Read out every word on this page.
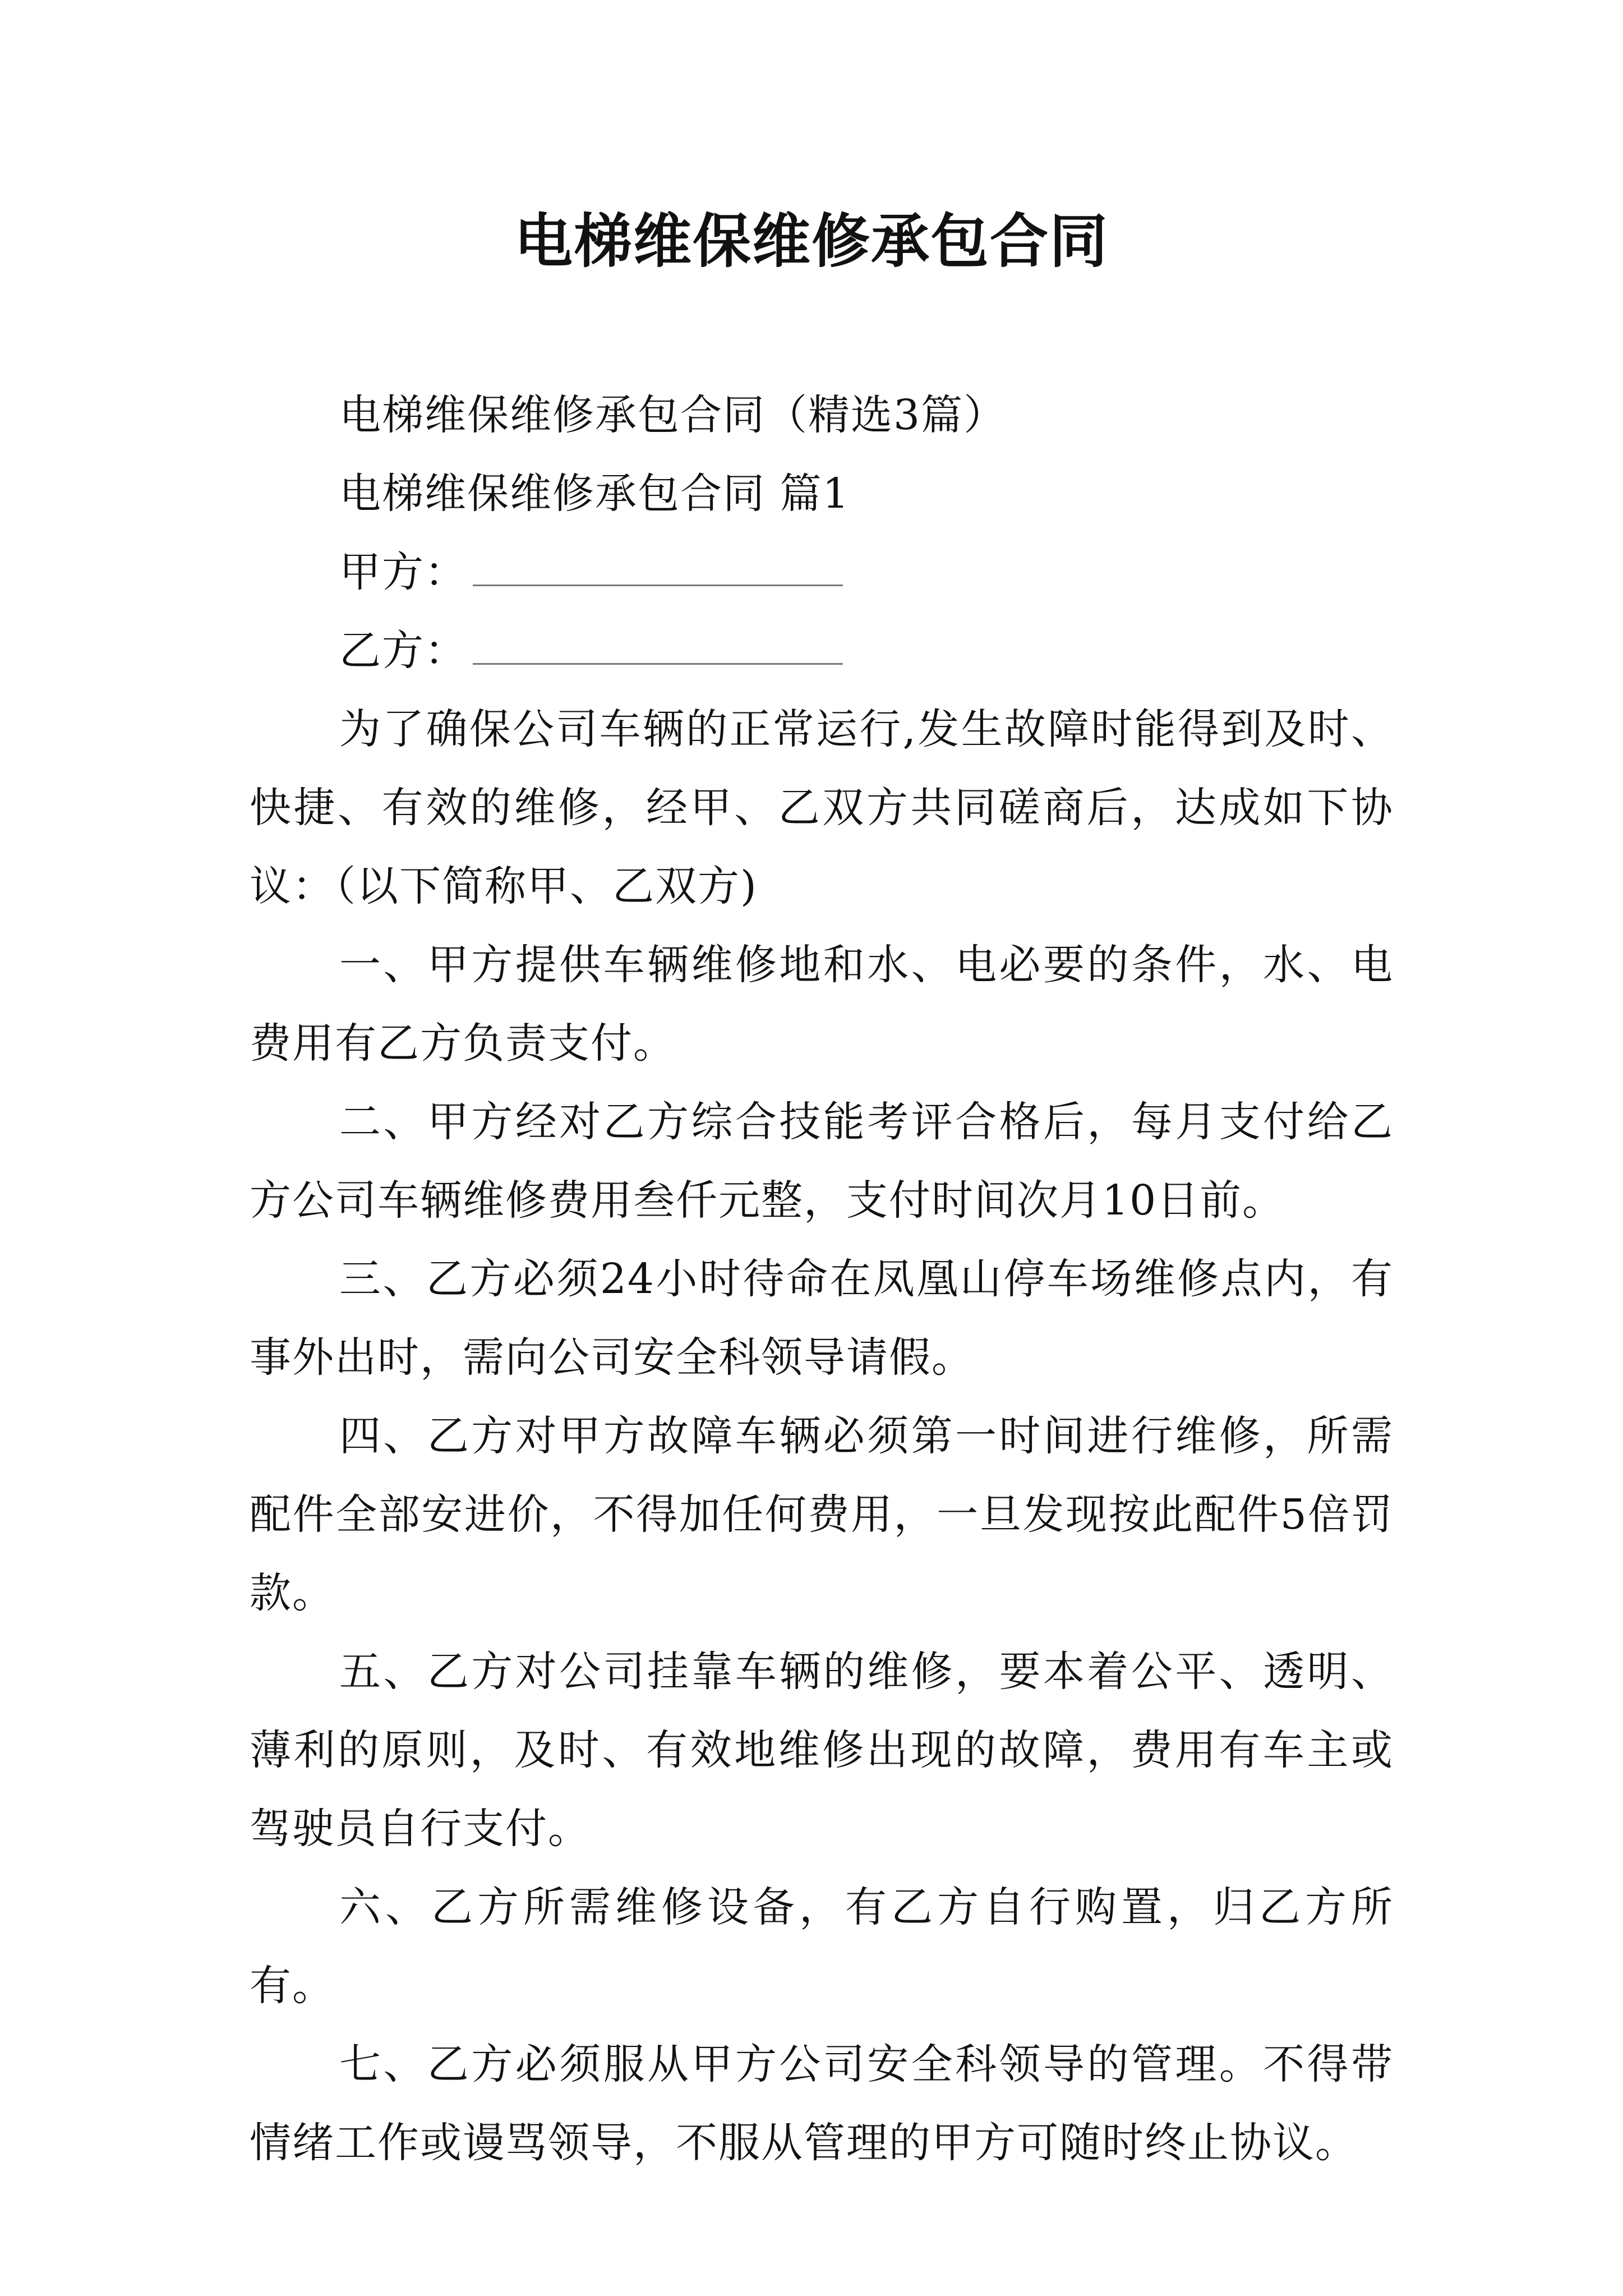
电梯维保维修承包合同

电梯维保维修承包合同（精选3篇）

电梯维保维修承包合同 篇1

甲方：

乙方：

为了确保公司车辆的正常运行,发生故障时能得到及时、快捷、有效的维修，经甲、乙双方共同磋商后，达成如下协议：（以下简称甲、乙双方)

一、甲方提供车辆维修地和水、电必要的条件，水、电费用有乙方负责支付。

二、甲方经对乙方综合技能考评合格后，每月支付给乙方公司车辆维修费用叁仟元整，支付时间次月10日前。

三、乙方必须24小时待命在凤凰山停车场维修点内，有事外出时，需向公司安全科领导请假。

四、乙方对甲方故障车辆必须第一时间进行维修，所需配件全部安进价，不得加任何费用，一旦发现按此配件5倍罚款。

五、乙方对公司挂靠车辆的维修，要本着公平、透明、薄利的原则，及时、有效地维修出现的故障，费用有车主或驾驶员自行支付。

六、乙方所需维修设备，有乙方自行购置，归乙方所有。

七、乙方必须服从甲方公司安全科领导的管理。不得带情绪工作或谩骂领导，不服从管理的甲方可随时终止协议。
